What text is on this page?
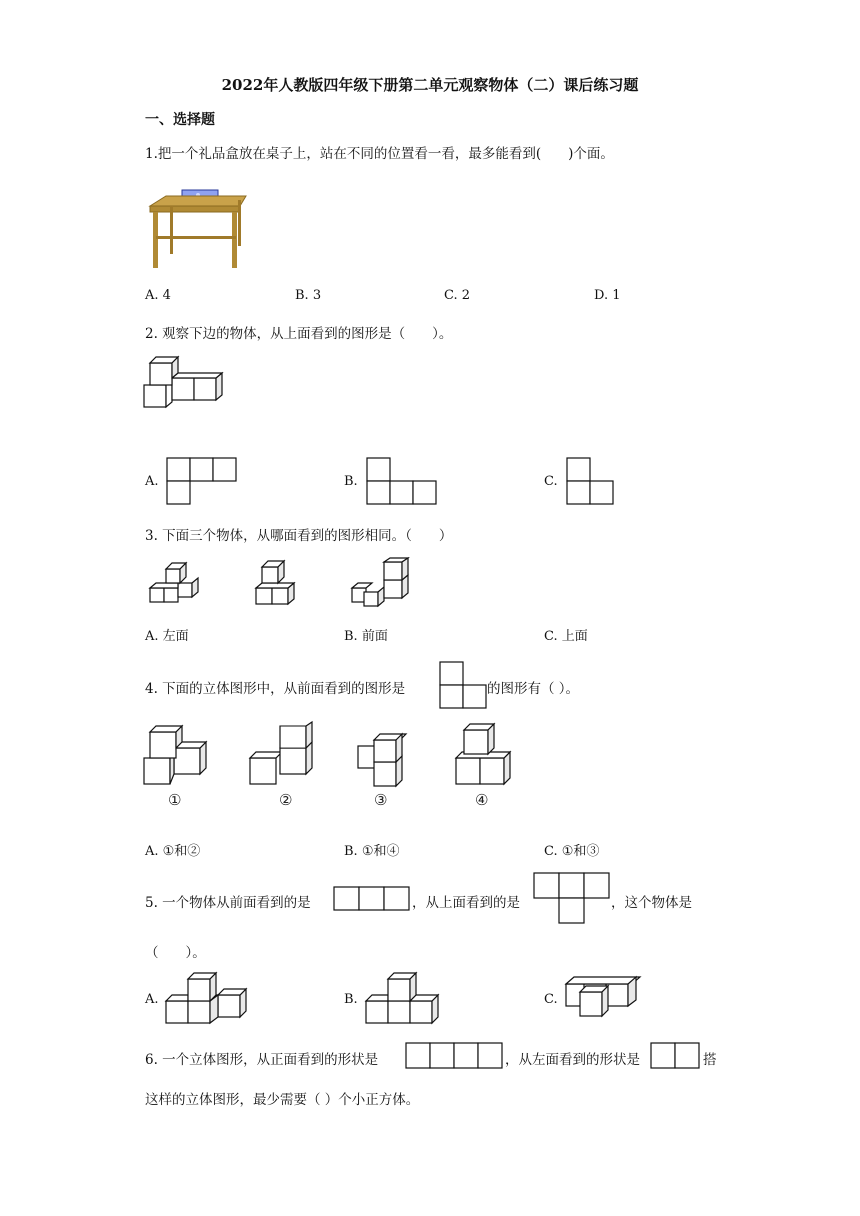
2022年人教版四年级下册第二单元观察物体（二）课后练习题
一、选择题
1.把一个礼品盒放在桌子上，站在不同的位置看一看，最多能看到(　　)个面。
A. 4	B. 3	C. 2	D. 1
2. 观察下边的物体，从上面看到的图形是（　　）。
A.	B.	C.
3. 下面三个物体，从哪面看到的图形相同。（　　）
A. 左面	B. 前面	C. 上面
4. 下面的立体图形中，从前面看到的图形是	的图形有（ ）。
①	②	③	④
A. ①和②	B. ①和④	C. ①和③
5. 一个物体从前面看到的是	，从上面看到的是	，这个物体是
（　　）。
A.	B.	C.
6. 一个立体图形，从正面看到的形状是	，从左面看到的形状是	搭
这样的立体图形，最少需要（ ）个小正方体。
